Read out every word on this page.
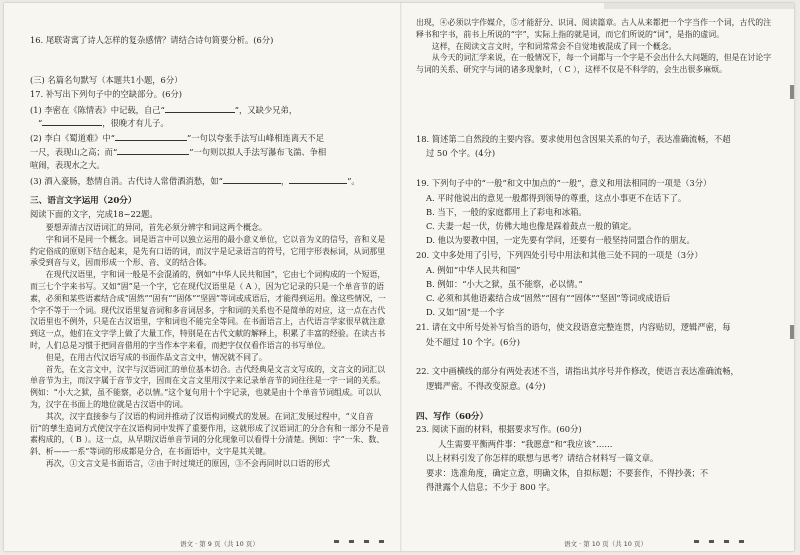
16. 尾联寄寓了诗人怎样的复杂感情？请结合诗句简要分析。(6分)
(三) 名篇名句默写（本题共1小题，6分）
17. 补写出下列句子中的空缺部分。(6分)
(1) 李密在《陈情表》中记载，自己“	”，又缺少兄弟，
“	，很晚才有儿子。
(2) 李白《蜀道难》中“	”一句以夸张手法写山峰相连离天不足
一尺，表现山之高；而“	”一句则以拟人手法写瀑布飞湍、争相
喧闹，表现水之大。
(3) 酒入豪肠，愁情自消。古代诗人常借酒消愁，如“	，	”。
三、语言文字运用（20分）
阅读下面的文字，完成18~22题。

要想弄清古汉语词汇的异同，首先必须分辨字和词这两个概念。

字和词不是同一个概念。词是语言中可以独立运用的最小意义单位，它以音为义的信号，音和义是约定俗成的原则下结合起来，是先有口语的词，而汉字是记录语言的符号，它用字形表标词，从词那里承受到音与义，因而形成一个形、音、义的结合体。

在现代汉语里，字和词一般是不会混淆的，例如“中华人民共和国”，它由七个词构成的一个短语，而三七个字来书写。又如“固”是一个字，它在现代汉语里是（ A ），因为它记录的只是一个单音节的语素，必须和某些语素结合成“固然”“固有”“固体”“坚固”等词或成语后，才能得到运用。像这些情况，一个字不等于一个词。现代汉语里复音词和多音词居多，字和词的关系也不是简单的对应，这一点在古代汉语里也不例外，只是在古汉语里，字和词也不能完全等同。在书面语言上，古代语言学家很早就注意到这一点，他们在文字学上做了大量工作，特别是在古代文献的解释上，积累了丰富的经验。在读古书时，人们总是习惯于把同音借用的字当作本字来看，而把字仅仅看作语言的书写单位。

但是，在用古代汉语写成的书面作品文言文中，情况就不同了。

首先，在文言文中，汉字与汉语词汇的单位基本切合。古代经典是文言文写成的，文言文的词汇以单音节为主，而汉字属于音节文字，因而在文言文里用汉字来记录单音节的词往往是一字一词的关系。例如：“小大之狱，虽不能察，必以情。”这个复句用十个字记录，也就是由十个单音节词组成。可以认为，汉字在书面上的地位就是古汉语中的词。

其次，汉字直接参与了汉语的构词并推动了汉语构词模式的发展。在词汇发展过程中，“义自音衍”的孳生造词方式使汉字在汉语构词中发挥了重要作用，这就形成了汉语词汇的分合有和一部分不是音素构成的，（ B ）。这一点，从早期汉语单音节词的分化现象可以看得十分清楚。例如：字“一朱、数、斜、析——一系”等词的形成都是分合，在书面语中，文字是其关键。

再次，①文言文是书面语言，②由于时过境迁的原因，③不会再同时以口语的形式

语文 · 第 9 页（共 10 页）

出现，④必须以字作媒介，⑤才能舒分、识词、阅读篇章。古人从来都把一个字当作一个词，古代的注释书和字书，前书上所说的“字”，实际上指的就是词，而它们所说的“词”，是指的虚词。

这样，在阅读文言文时，字和词常常会不自觉地被混成了同一个概念。

从今天的词汇学来说，在一般情况下，每一个词都与一个字是不会出什么大问题的，但是在讨论字与词的关系、研究字与词的诸多现象时，（ C ），这样不仅是不科学的，会生出很多麻烦。

18. 简述第二自然段的主要内容。要求使用包含因果关系的句子，表达准确流畅，不超
过 50 个字。(4分)
19. 下列句子中的“一般”和文中加点的“一般”，意义和用法相同的一项是（3分）
A. 平时他说出的意见一般都得到领导的尊重，这点小事更不在话下了。
B. 当下，一般的家庭都用上了彩电和冰箱。
C. 夫妻一起一伏，仿佛大地也像是踩着鼓点一般的镇定。
D. 他以为要教中国，一定先要有学问，还要有一般坚持同盟合作的朋友。
20. 文中多处用了引号，下列四处引号中用法和其他三处不同的一项是（3分）
A. 例如“中华人民共和国”
B. 例如：“小大之狱，虽不能察，必以情。”
C. 必须和其他语素结合成“固然”“固有”“固体”“坚固”等词或成语后
D. 又如“固”是一个字
21. 请在文中所号处补写恰当的语句，使文段语意完整连贯，内容贴切，逻辑严密，每
处不超过 10 个字。(6分)
22. 文中画横线的部分有两处表述不当，请指出其序号并作修改，使语言表达准确流畅，
逻辑严密。不得改变原意。(4分)
四、写作（60分）
23. 阅读下面的材料，根据要求写作。(60分)
人生需要平衡两件事：“我愿意”和“我应该”……
以上材料引发了你怎样的联想与思考？请结合材料写一篇文章。
要求：选准角度，确定立意，明确文体，自拟标题；不要套作，不得抄袭；不
得泄露个人信息；不少于 800 字。
语文 · 第 10 页（共 10 页）
